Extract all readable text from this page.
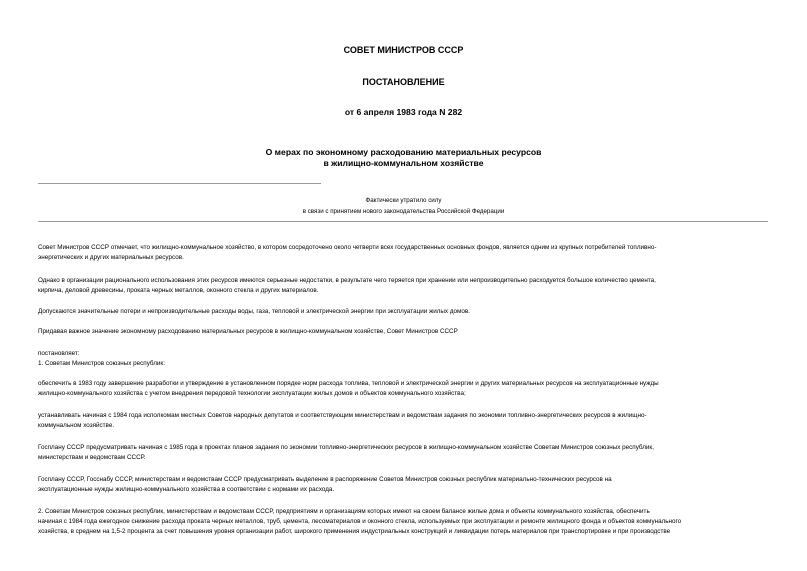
СОВЕТ МИНИСТРОВ СССР
ПОСТАНОВЛЕНИЕ
от 6 апреля 1983 года N 282
О мерах по экономному расходованию материальных ресурсов
в жилищно-коммунальном хозяйстве
Фактически утратило силу
в связи с принятием нового законодательства Российской Федерации
Совет Министров СССР отмечает, что жилищно-коммунальное хозяйство, в котором сосредоточено около четверти всех государственных основных фондов, является одним из крупных потребителей топливно-
энергетических и других материальных ресурсов.
Однако в организации рационального использования этих ресурсов имеются серьезные недостатки, в результате чего теряется при хранении или непроизводительно расходуется большое количество цемента,
кирпича, деловой древесины, проката черных металлов, оконного стекла и других материалов.
Допускаются значительные потери и непроизводительные расходы воды, газа, тепловой и электрической энергии при эксплуатации жилых домов.
Придавая важное значение экономному расходованию материальных ресурсов в жилищно-коммунальном хозяйстве, Совет Министров СССР
постановляет:
1. Советам Министров союзных республик:
обеспечить в 1983 году завершение разработки и утверждение в установленном порядке норм расхода топлива, тепловой и электрической энергии и других материальных ресурсов на эксплуатационные нужды
жилищно-коммунального хозяйства с учетом внедрения передовой технологии эксплуатации жилых домов и объектов коммунального хозяйства;
устанавливать начиная с 1984 года исполкомам местных Советов народных депутатов и соответствующим министерствам и ведомствам задания по экономии топливно-энергетических ресурсов в жилищно-
коммунальном хозяйстве.
Госплану СССР предусматривать начиная с 1985 года в проектах планов задания по экономии топливно-энергетических ресурсов в жилищно-коммунальном хозяйстве Советам Министров союзных республик,
министерствам и ведомствам СССР.
Госплану СССР, Госснабу СССР, министерствам и ведомствам СССР предусматривать выделение в распоряжение Советов Министров союзных республик материально-технических ресурсов на
эксплуатационные нужды жилищно-коммунального хозяйства в соответствии с нормами их расхода.
2. Советам Министров союзных республик, министерствам и ведомствам СССР, предприятиям и организациям которых имеют на своем балансе жилые дома и объекты коммунального хозяйства, обеспечить
начиная с 1984 года ежегодное снижение расхода проката черных металлов, труб, цемента, лесоматериалов и оконного стекла, используемых при эксплуатации и ремонте жилищного фонда и объектов коммунального
хозяйства, в среднем на 1,5-2 процента за счет повышения уровня организации работ, широкого применения индустриальных конструкций и ликвидации потерь материалов при транспортировке и при производстве
